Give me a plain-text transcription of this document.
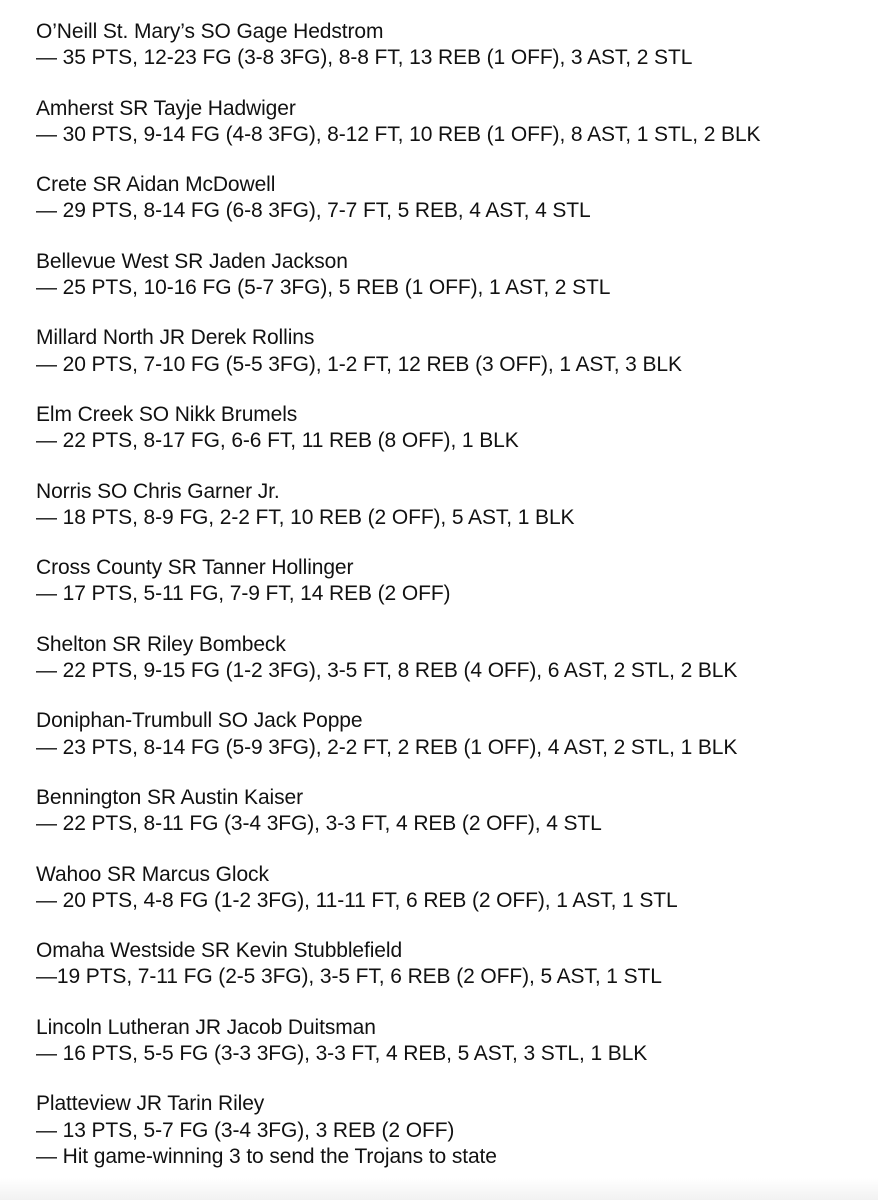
O’Neill St. Mary’s SO Gage Hedstrom
— 35 PTS, 12-23 FG (3-8 3FG), 8-8 FT, 13 REB (1 OFF), 3 AST, 2 STL
Amherst SR Tayje Hadwiger
— 30 PTS, 9-14 FG (4-8 3FG), 8-12 FT, 10 REB (1 OFF), 8 AST, 1 STL, 2 BLK
Crete SR Aidan McDowell
— 29 PTS, 8-14 FG (6-8 3FG), 7-7 FT, 5 REB, 4 AST, 4 STL
Bellevue West SR Jaden Jackson
— 25 PTS, 10-16 FG (5-7 3FG), 5 REB (1 OFF), 1 AST, 2 STL
Millard North JR Derek Rollins
— 20 PTS, 7-10 FG (5-5 3FG), 1-2 FT, 12 REB (3 OFF), 1 AST, 3 BLK
Elm Creek SO Nikk Brumels
— 22 PTS, 8-17 FG, 6-6 FT, 11 REB (8 OFF), 1 BLK
Norris SO Chris Garner Jr.
— 18 PTS, 8-9 FG, 2-2 FT, 10 REB (2 OFF), 5 AST, 1 BLK
Cross County SR Tanner Hollinger
— 17 PTS, 5-11 FG, 7-9 FT, 14 REB (2 OFF)
Shelton SR Riley Bombeck
— 22 PTS, 9-15 FG (1-2 3FG), 3-5 FT, 8 REB (4 OFF), 6 AST, 2 STL, 2 BLK
Doniphan-Trumbull SO Jack Poppe
— 23 PTS, 8-14 FG (5-9 3FG), 2-2 FT, 2 REB (1 OFF), 4 AST, 2 STL, 1 BLK
Bennington SR Austin Kaiser
— 22 PTS, 8-11 FG (3-4 3FG), 3-3 FT, 4 REB (2 OFF), 4 STL
Wahoo SR Marcus Glock
— 20 PTS, 4-8 FG (1-2 3FG), 11-11 FT, 6 REB (2 OFF), 1 AST, 1 STL
Omaha Westside SR Kevin Stubblefield
—19 PTS, 7-11 FG (2-5 3FG), 3-5 FT, 6 REB (2 OFF), 5 AST, 1 STL
Lincoln Lutheran JR Jacob Duitsman
— 16 PTS, 5-5 FG (3-3 3FG), 3-3 FT, 4 REB, 5 AST, 3 STL, 1 BLK
Platteview JR Tarin Riley
— 13 PTS, 5-7 FG (3-4 3FG), 3 REB (2 OFF)
— Hit game-winning 3 to send the Trojans to state
